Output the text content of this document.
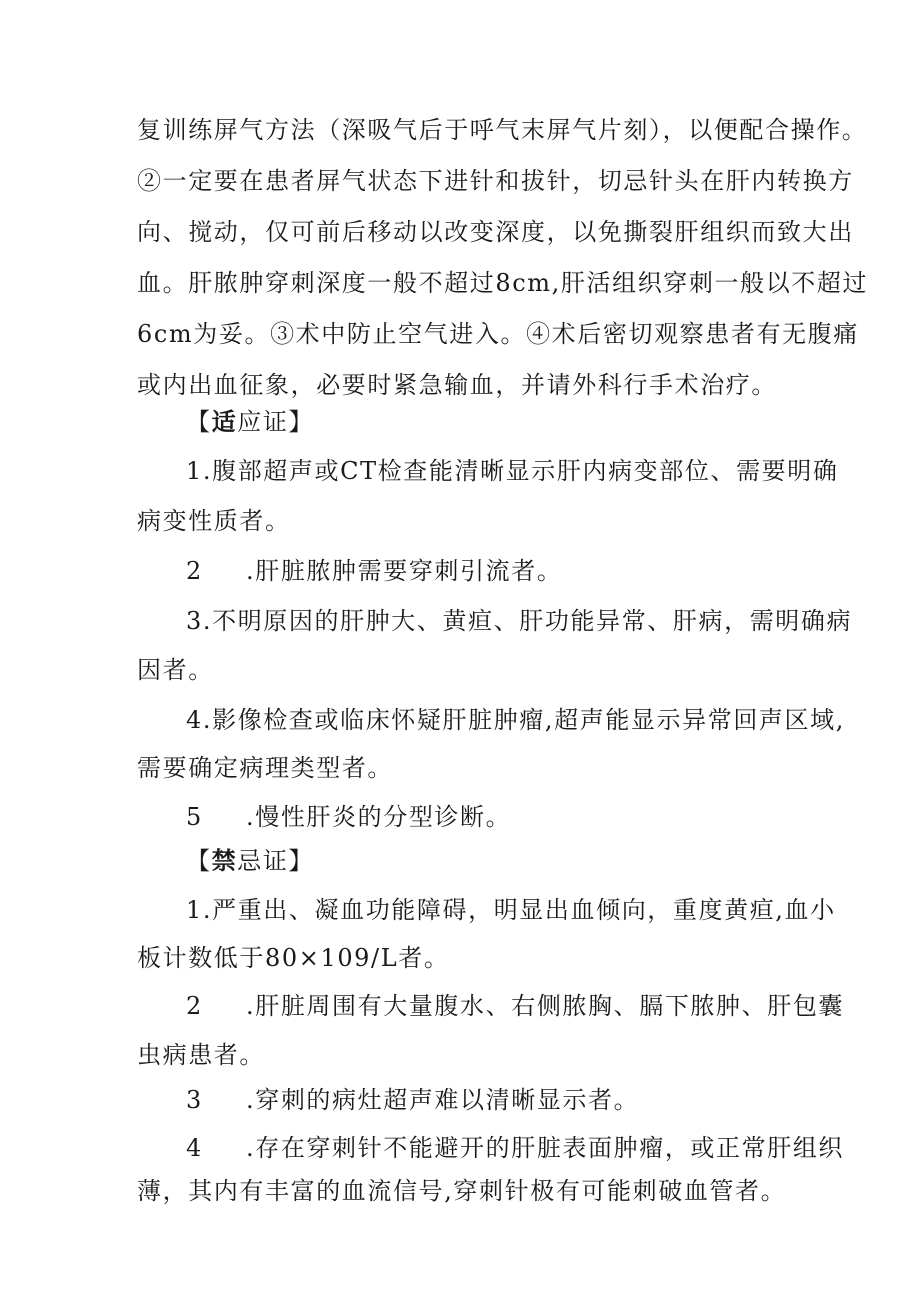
复训练屏气方法（深吸气后于呼气末屏气片刻），以便配合操作。
②一定要在患者屏气状态下进针和拔针，切忌针头在肝内转换方
向、搅动，仅可前后移动以改变深度，以免撕裂肝组织而致大出
血。肝脓肿穿刺深度一般不超过8cm,肝活组织穿刺一般以不超过
6cm为妥。③术中防止空气进入。④术后密切观察患者有无腹痛
或内出血征象，必要时紧急输血，并请外科行手术治疗。
【适应证】
1.腹部超声或CT检查能清晰显示肝内病变部位、需要明确
病变性质者。
2 .肝脏脓肿需要穿刺引流者。
3.不明原因的肝肿大、黄疸、肝功能异常、肝病，需明确病
因者。
4.影像检查或临床怀疑肝脏肿瘤,超声能显示异常回声区域,
需要确定病理类型者。
5 .慢性肝炎的分型诊断。
【禁忌证】
1.严重出、凝血功能障碍，明显出血倾向，重度黄疸,血小
板计数低于80×109/L者。
2 .肝脏周围有大量腹水、右侧脓胸、膈下脓肿、肝包囊
虫病患者。
3 .穿刺的病灶超声难以清晰显示者。
4 .存在穿刺针不能避开的肝脏表面肿瘤，或正常肝组织
薄，其内有丰富的血流信号,穿刺针极有可能刺破血管者。
